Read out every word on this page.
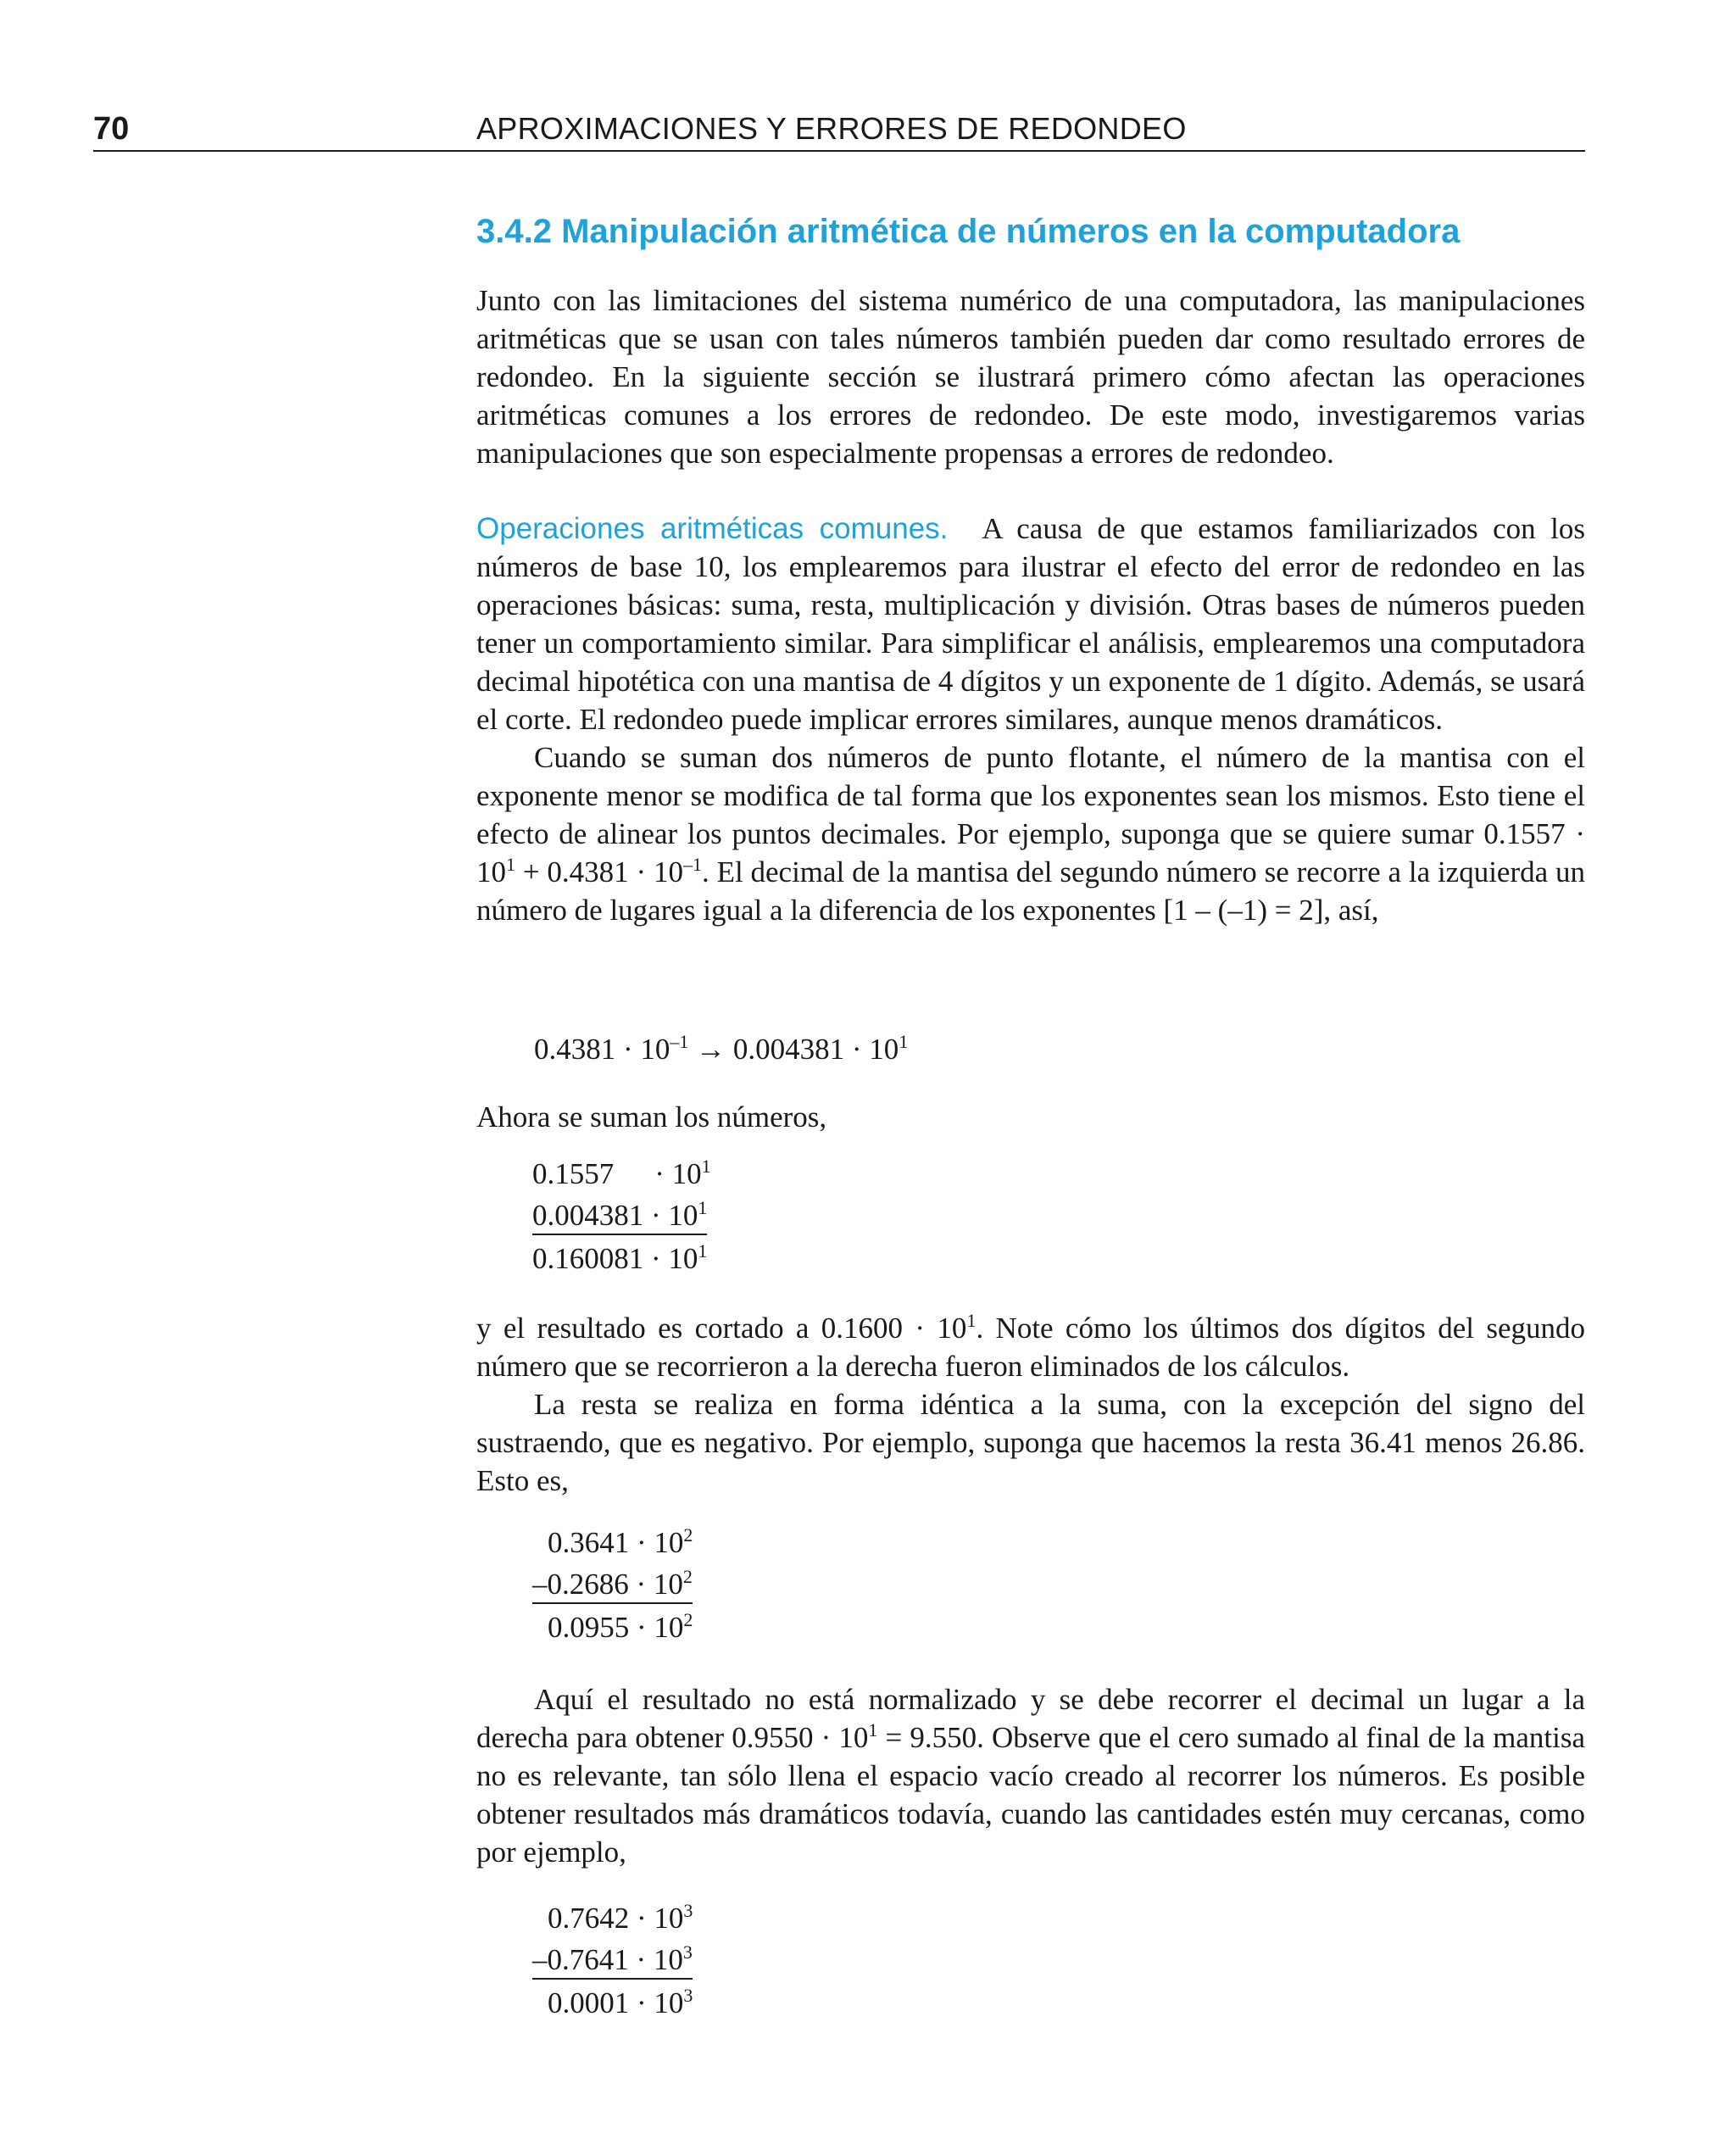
70	APROXIMACIONES Y ERRORES DE REDONDEO
3.4.2 Manipulación aritmética de números en la computadora

Junto con las limitaciones del sistema numérico de una computadora, las manipulaciones aritméticas que se usan con tales números también pueden dar como resultado errores de redondeo. En la siguiente sección se ilustrará primero cómo afectan las operaciones aritméticas comunes a los errores de redondeo. De este modo, investigaremos varias manipulaciones que son especialmente propensas a errores de redondeo.

Operaciones aritméticas comunes. A causa de que estamos familiarizados con los números de base 10, los emplearemos para ilustrar el efecto del error de redondeo en las operaciones básicas: suma, resta, multiplicación y división. Otras bases de números pueden tener un comportamiento similar. Para simplificar el análisis, emplearemos una computadora decimal hipotética con una mantisa de 4 dígitos y un exponente de 1 dígito. Además, se usará el corte. El redondeo puede implicar errores similares, aunque menos dramáticos.

Cuando se suman dos números de punto flotante, el número de la mantisa con el exponente menor se modifica de tal forma que los exponentes sean los mismos. Esto tiene el efecto de alinear los puntos decimales. Por ejemplo, suponga que se quiere sumar $0.1557 \cdot 10^1 + 0.4381 \cdot 10^{-1}$. El decimal de la mantisa del segundo número se recorre a la izquierda un número de lugares igual a la diferencia de los exponentes [1 – (–1) = 2], así,

$0.4381 \cdot 10^{-1} \to 0.004381 \cdot 10^1$

Ahora se suman los números,

$0.1557 \cdot 10^1$
$0.004381 \cdot 10^1$
$0.160081 \cdot 10^1$

y el resultado es cortado a $0.1600 \cdot 10^1$. Note cómo los últimos dos dígitos del segundo número que se recorrieron a la derecha fueron eliminados de los cálculos.

La resta se realiza en forma idéntica a la suma, con la excepción del signo del sustraendo, que es negativo. Por ejemplo, suponga que hacemos la resta 36.41 menos 26.86. Esto es,

$0.3641 \cdot 10^2$
$-0.2686 \cdot 10^2$
$0.0955 \cdot 10^2$

Aquí el resultado no está normalizado y se debe recorrer el decimal un lugar a la derecha para obtener $0.9550 \cdot 10^1 = 9.550$. Observe que el cero sumado al final de la mantisa no es relevante, tan sólo llena el espacio vacío creado al recorrer los números. Es posible obtener resultados más dramáticos todavía, cuando las cantidades estén muy cercanas, como por ejemplo,

$0.7642 \cdot 10^3$
$-0.7641 \cdot 10^3$
$0.0001 \cdot 10^3$
